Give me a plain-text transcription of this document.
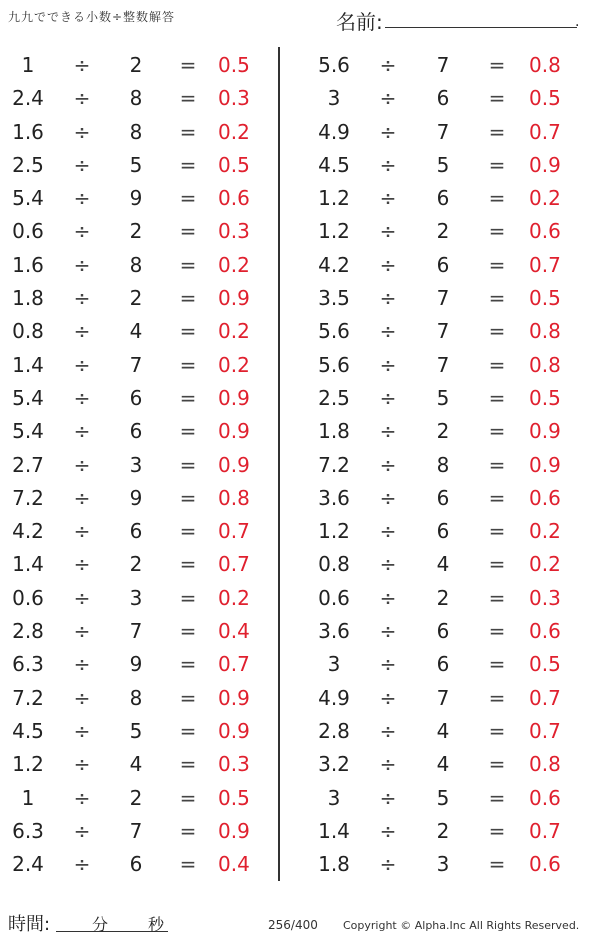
九九でできる小数÷整数解答	名前:	.
1	÷ 2 = 0.5
2.4	÷ 8 = 0.3
1.6	÷ 8 = 0.2
2.5	÷ 5 = 0.5
5.4	÷ 9 = 0.6
0.6	÷ 2 = 0.3
1.6	÷ 8 = 0.2
1.8	÷ 2 = 0.9
0.8	÷ 4 = 0.2
1.4	÷ 7 = 0.2
5.4	÷ 6 = 0.9
5.4	÷ 6 = 0.9
2.7	÷ 3 = 0.9
7.2	÷ 9 = 0.8
4.2	÷ 6 = 0.7
1.4	÷ 2 = 0.7
0.6	÷ 3 = 0.2
2.8	÷ 7 = 0.4
6.3	÷ 9 = 0.7
7.2	÷ 8 = 0.9
4.5	÷ 5 = 0.9
1.2	÷ 4 = 0.3
1	÷ 2 = 0.5
6.3	÷ 7 = 0.9
2.4	÷ 6 = 0.4
5.6	÷ 7 = 0.8
3	÷ 6 = 0.5
4.9	÷ 7 = 0.7
4.5	÷ 5 = 0.9
1.2	÷ 6 = 0.2
1.2	÷ 2 = 0.6
4.2	÷ 6 = 0.7
3.5	÷ 7 = 0.5
5.6	÷ 7 = 0.8
5.6	÷ 7 = 0.8
2.5	÷ 5 = 0.5
1.8	÷ 2 = 0.9
7.2	÷ 8 = 0.9
3.6	÷ 6 = 0.6
1.2	÷ 6 = 0.2
0.8	÷ 4 = 0.2
0.6	÷ 2 = 0.3
3.6	÷ 6 = 0.6
3	÷ 6 = 0.5
4.9	÷ 7 = 0.7
2.8	÷ 4 = 0.7
3.2	÷ 4 = 0.8
3	÷ 5 = 0.6
1.4	÷ 2 = 0.7
1.8	÷ 3 = 0.6
時間:	分 秒	256/400 Copyright © Alpha.Inc All Rights Reserved.
